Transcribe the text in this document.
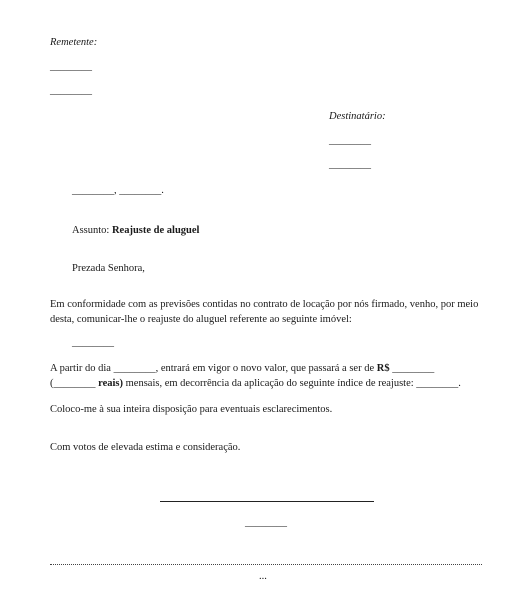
Remetente:
________
________
Destinatário:
________
________
________, ________.
Assunto: Reajuste de aluguel
Prezada Senhora,
Em conformidade com as previsões contidas no contrato de locação por nós firmado, venho, por meio
desta, comunicar-lhe o reajuste do aluguel referente ao seguinte imóvel:
________
A partir do dia ________, entrará em vigor o novo valor, que passará a ser de R$ ________
(________ reais) mensais, em decorrência da aplicação do seguinte índice de reajuste: ________.
Coloco-me à sua inteira disposição para eventuais esclarecimentos.
Com votos de elevada estima e consideração.
________
...
